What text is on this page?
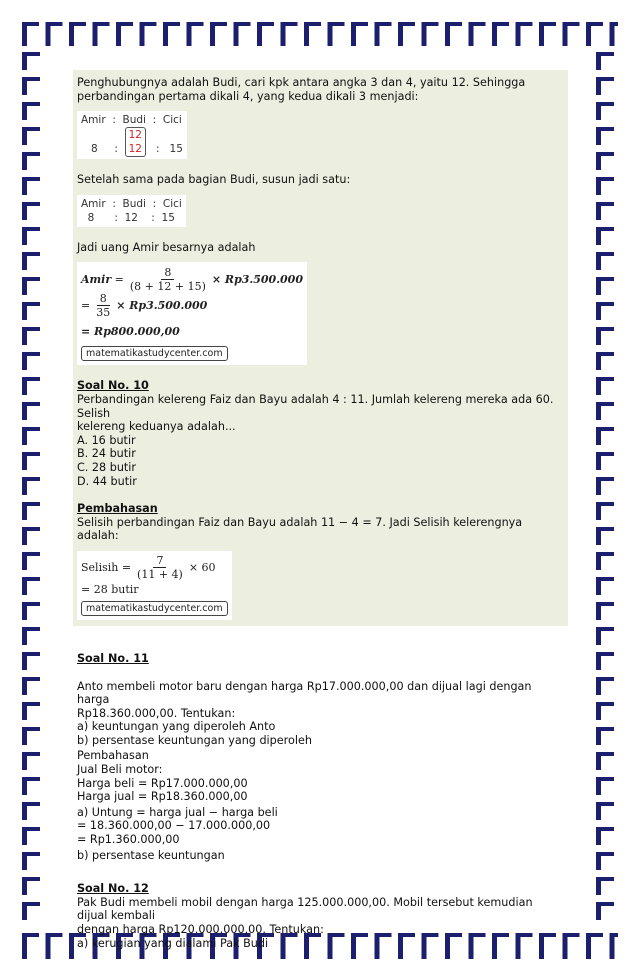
Penghubungnya adalah Budi, cari kpk antara angka 3 dan 4, yaitu 12. Sehingga perbandingan pertama dikali 4, yang kedua dikali 3 menjadi:

Amir  :  Budi  :  Cici
8     :  12
12   :   15

Setelah sama pada bagian Budi, susun jadi satu:

Amir  :  Budi  :  Cici
8      :  12    :  15

Jadi uang Amir besarnya adalah

Amir
= $\frac{8}{(8 + 12 + 15)} \times Rp3.500.000$
= $\frac{8}{35} \times Rp3.500.000$
= Rp800.000,00
matematikastudycenter.com

Soal No. 10

Perbandingan kelereng Faiz dan Bayu adalah 4 : 11. Jumlah kelereng mereka ada 60. Selish

kelereng keduanya adalah...

A. 16 butir

B. 24 butir

C. 28 butir

D. 44 butir

Pembahasan

Selisih perbandingan Faiz dan Bayu adalah 11 − 4 = 7. Jadi Selisih kelerengnya adalah:

Selisih = $\frac{7}{(11 + 4)} \times 60$
= 28 butir
matematikastudycenter.com

Soal No. 11

Anto membeli motor baru dengan harga Rp17.000.000,00 dan dijual lagi dengan harga

Rp18.360.000,00. Tentukan:

a) keuntungan yang diperoleh Anto

b) persentase keuntungan yang diperoleh

Pembahasan

Jual Beli motor:

Harga beli = Rp17.000.000,00

Harga jual = Rp18.360.000,00

a) Untung = harga jual − harga beli

= 18.360.000,00 − 17.000.000,00

= Rp1.360.000,00

b) persentase keuntungan

Soal No. 12

Pak Budi membeli mobil dengan harga 125.000.000,00. Mobil tersebut kemudian dijual kembali

dengan harga Rp120.000.000,00. Tentukan:

a) kerugian yang dialami Pak Budi
